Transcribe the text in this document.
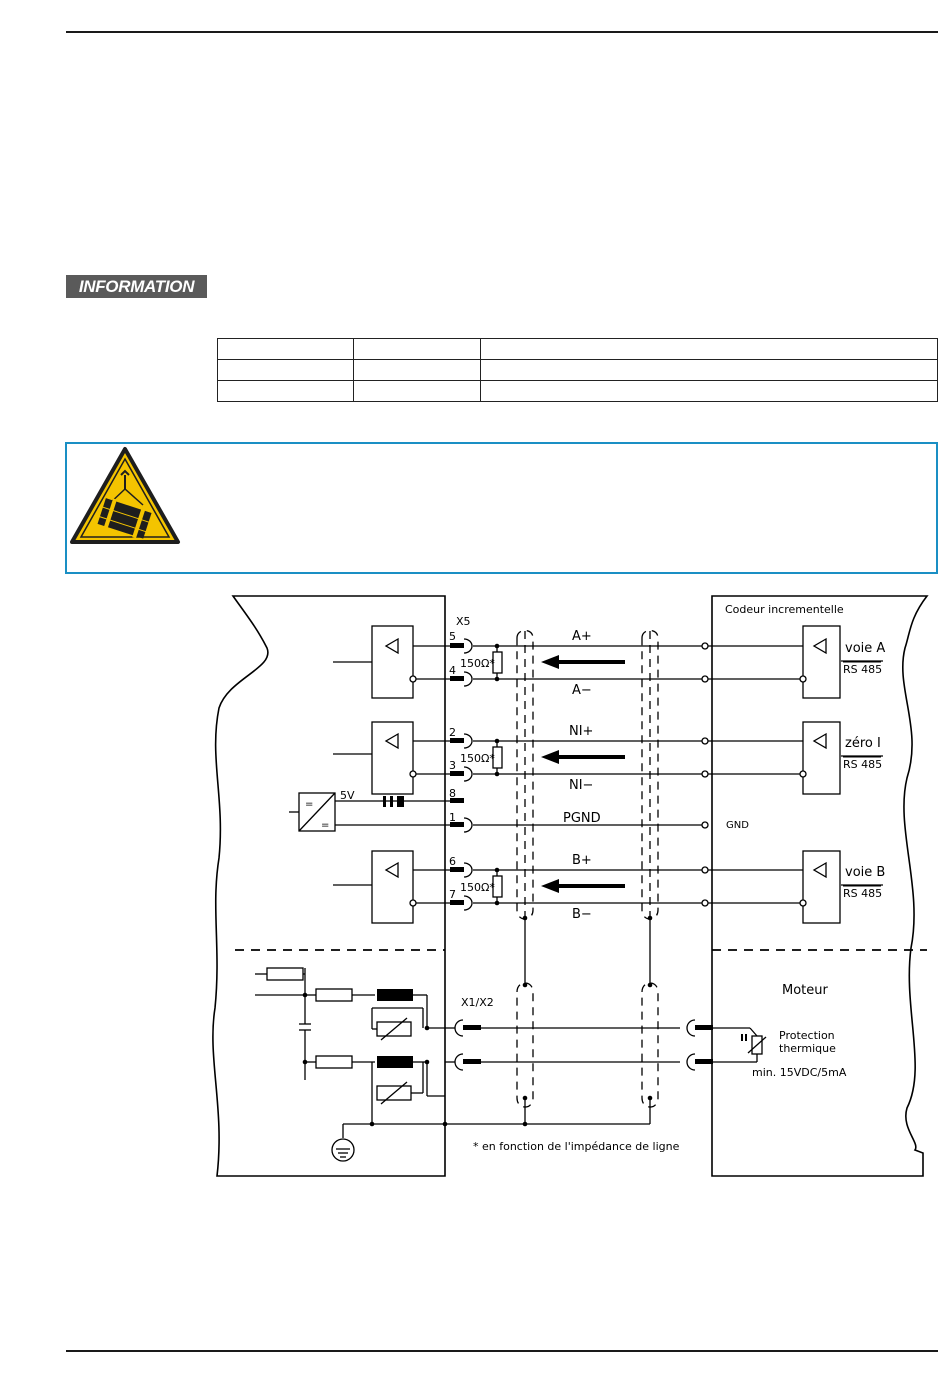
INFORMATION

X5
5
4
2
3
8
1
6
7
150Ω*
150Ω*
150Ω*
5V
GND
X1/X2
* en fonction de l'impédance de ligne
A+
A−
NI+
NI−
PGND
B+
B−
Codeur incrementelle
voie A
RS 485
zéro I
RS 485
voie B
RS 485
Moteur
Protection
thermique
min. 15VDC/5mA
=
=
